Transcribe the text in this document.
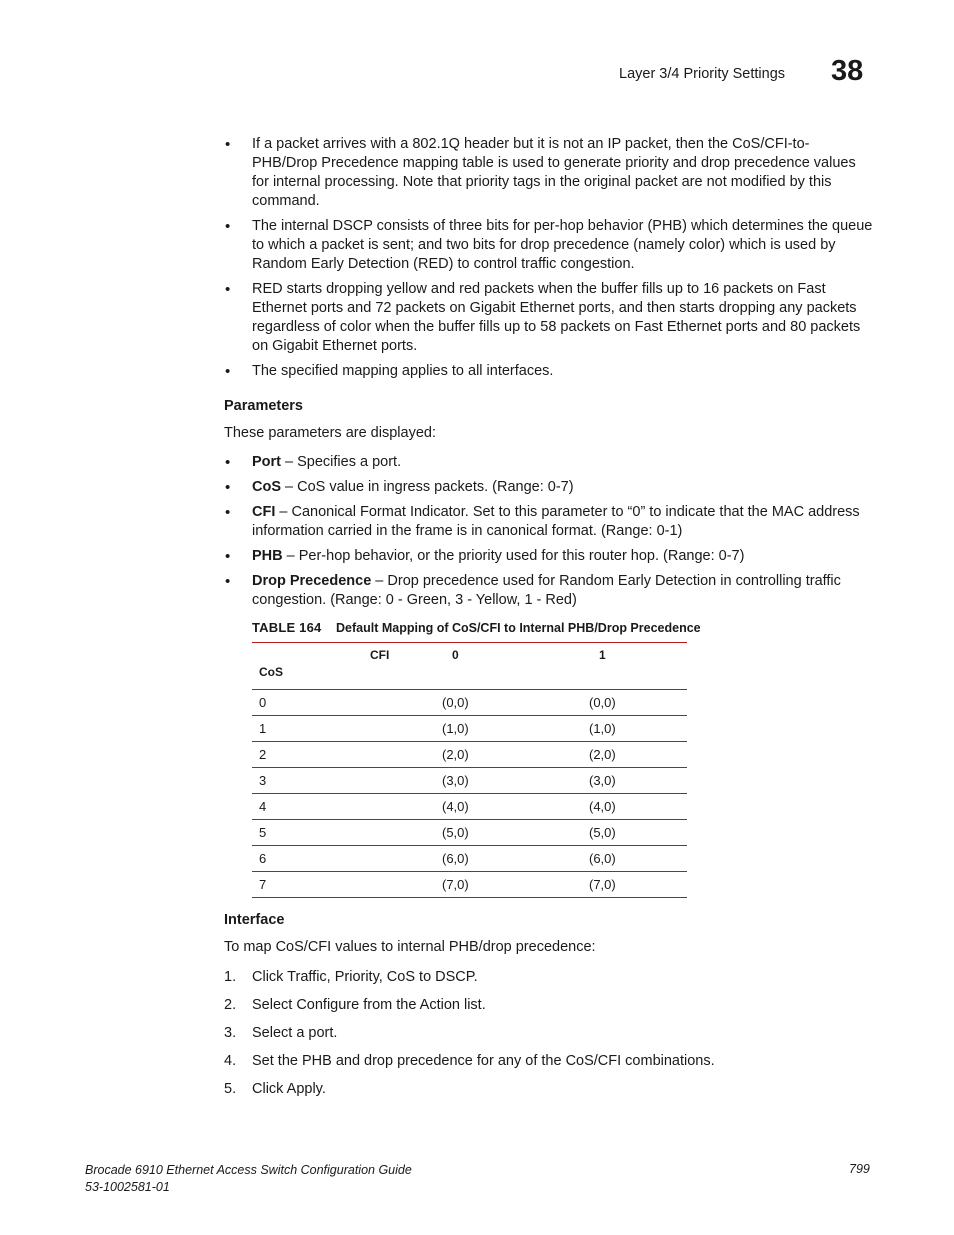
Layer 3/4 Priority Settings 38
• If a packet arrives with a 802.1Q header but it is not an IP packet, then the CoS/CFI-to-PHB/Drop Precedence mapping table is used to generate priority and drop precedence values for internal processing. Note that priority tags in the original packet are not modified by this command.
• The internal DSCP consists of three bits for per-hop behavior (PHB) which determines the queue to which a packet is sent; and two bits for drop precedence (namely color) which is used by Random Early Detection (RED) to control traffic congestion.
• RED starts dropping yellow and red packets when the buffer fills up to 16 packets on Fast Ethernet ports and 72 packets on Gigabit Ethernet ports, and then starts dropping any packets regardless of color when the buffer fills up to 58 packets on Fast Ethernet ports and 80 packets on Gigabit Ethernet ports.
• The specified mapping applies to all interfaces.
Parameters
These parameters are displayed:
• Port – Specifies a port.
• CoS – CoS value in ingress packets. (Range: 0-7)
• CFI – Canonical Format Indicator. Set to this parameter to “0” to indicate that the MAC address information carried in the frame is in canonical format. (Range: 0-1)
• PHB – Per-hop behavior, or the priority used for this router hop. (Range: 0-7)
• Drop Precedence – Drop precedence used for Random Early Detection in controlling traffic congestion. (Range: 0 - Green, 3 - Yellow, 1 - Red)
TABLE 164 Default Mapping of CoS/CFI to Internal PHB/Drop Precedence
CFI	0	1
CoS
0	(0,0)	(0,0)
1	(1,0)	(1,0)
2	(2,0)	(2,0)
3	(3,0)	(3,0)
4	(4,0)	(4,0)
5	(5,0)	(5,0)
6	(6,0)	(6,0)
7	(7,0)	(7,0)
Interface
To map CoS/CFI values to internal PHB/drop precedence:
1. Click Traffic, Priority, CoS to DSCP.
2. Select Configure from the Action list.
3. Select a port.
4. Set the PHB and drop precedence for any of the CoS/CFI combinations.
5. Click Apply.
Brocade 6910 Ethernet Access Switch Configuration Guide
53-1002581-01
799
